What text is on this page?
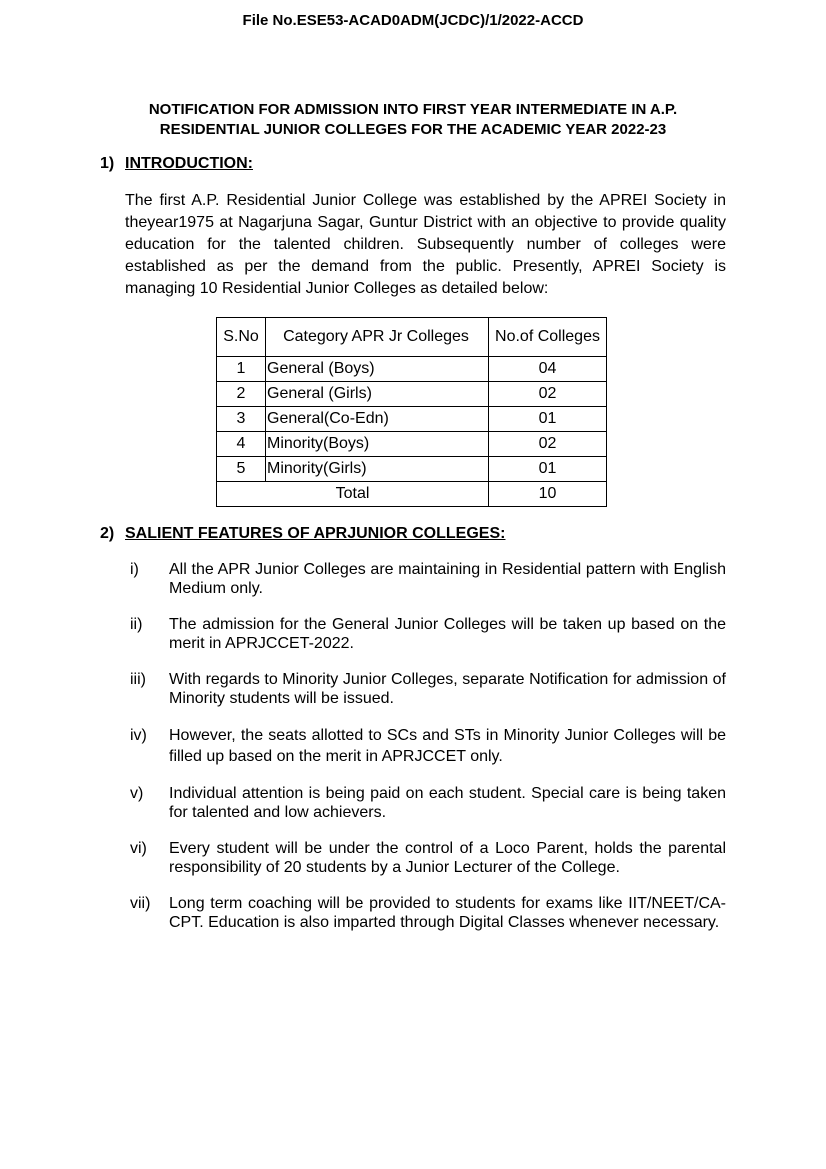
File No.ESE53-ACAD0ADM(JCDC)/1/2022-ACCD
NOTIFICATION FOR ADMISSION INTO FIRST YEAR INTERMEDIATE IN A.P.
RESIDENTIAL JUNIOR COLLEGES FOR THE ACADEMIC YEAR 2022-23
1) INTRODUCTION:
The first A.P. Residential Junior College was established by the APREI Society in theyear1975 at Nagarjuna Sagar, Guntur District with an objective to provide quality education for the talented children. Subsequently number of colleges were established as per the demand from the public. Presently, APREI Society is managing 10 Residential Junior Colleges as detailed below:
S.No	Category APR Jr Colleges	No.of Colleges
1	General (Boys)	04
2	General (Girls)	02
3	General(Co-Edn)	01
4	Minority(Boys)	02
5	Minority(Girls)	01
Total		10
2) SALIENT FEATURES OF APRJUNIOR COLLEGES:
i) All the APR Junior Colleges are maintaining in Residential pattern with English Medium only.
ii) The admission for the General Junior Colleges will be taken up based on the merit in APRJCCET-2022.
iii) With regards to Minority Junior Colleges, separate Notification for admission of Minority students will be issued.
iv) However, the seats allotted to SCs and STs in Minority Junior Colleges will be filled up based on the merit in APRJCCET only.
v) Individual attention is being paid on each student. Special care is being taken for talented and low achievers.
vi) Every student will be under the control of a Loco Parent, holds the parental responsibility of 20 students by a Junior Lecturer of the College.
vii) Long term coaching will be provided to students for exams like IIT/NEET/CA-CPT. Education is also imparted through Digital Classes whenever necessary.
